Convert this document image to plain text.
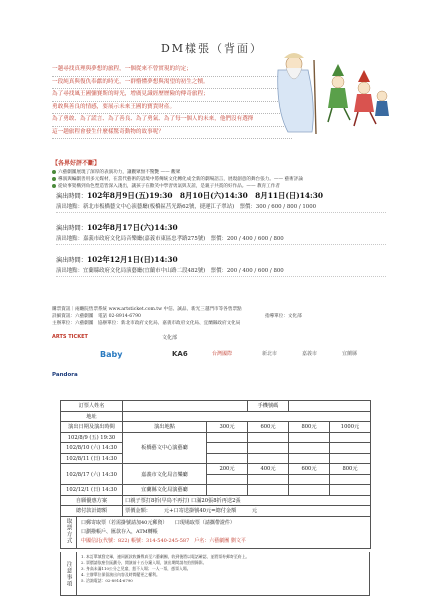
DM樣張（背面）

一趟尋找真理與夢想的旅程，一個從來不曾實現的約定；

一段純真與復仇奉獻的時光，一群懵懂夢想與渴望的初生之犢。

為了尋找風王國彌賽斯的時光，增廣見識經歷歷險的傳奇旅程；

勇敢與善良的情感，要展示未來王國的寶貴財產。

為了勇敢、為了謊言、為了善良、為了勇氣、為了每一個人的未來，他們沒有選擇

這一趟旅程會發生什麼樣驚奇動物的故事呢？

【各界好評不斷】
六藝劇團展現了深厚的表演功力，讓觀眾無不驚艷 —— 觀眾
導演與編劇善用多元媒材，在當代藝術的語境中將傳統文化轉化成全新的劇場語言，展現創意的舞台張力。—— 藝術評論
從故事架構到角色塑造皆深入淺出，讓孩子在歡笑中學習勇氣與友誼，是親子共賞的好作品。—— 教育工作者
演出時間：102年8月9日(五)19:30　8月10日(六)14:30　8月11日(日)14:30
演出地點：新北市板橋藝文中心演藝廳(板橋區莒光路62號，捷運江子翠站)　 票價：300 / 600 / 800 / 1000
演出時間：102年8月17日(六)14:30
演出地點：嘉義市政府文化局音樂廳(嘉義市東區忠孝路275號)　 票價：200 / 400 / 600 / 800
演出時間：102年12月1日(日)14:30
演出地點：宜蘭縣政府文化局演藝廳(宜蘭市中山路二段482號)　 票價：200 / 400 / 600 / 800
購票資訊｜兩廳院售票系統 www.artsticket.com.tw 中信、誠品、新光三越門市等各售票點
詳細資訊：六藝劇團　電話 02-8914-6790　　　　　　　　　　　　　　　　　　　　　　　　　　　指導單位：文化部
主辦單位：六藝劇團　協辦單位：新北市政府文化局、嘉義市政府文化局、宜蘭縣政府文化局
ARTS TICKET	文化部
Baby	台灣國際
Pandora
KA6	新北市	嘉義市	宜蘭縣
訂票人姓名			手機號碼		
地址					
演出日期及演出時間	演出地點	300元	600元	800元	1000元
102/8/9 (五) 19:30	板橋藝文中心演藝廳				
102/8/10 (六) 14:30					
102/8/11 (日) 14:30					
102/8/17 (六) 14:30	嘉義市文化局音樂廳	200元	400元	600元	800元

102/12/1 (日) 14:30	宜蘭縣文化局演藝廳				
自願優惠方案	口親子票打8折(早鳥不再打) 口滿20張8折再送2張				
總付款計總額	票價金額：　　　元+口寄送掛號40元=總付金額　　　元				
取票方式	口郵寄取票（若需掛號請加40元郵資）　　口現場取票（請攜帶證件）
口劃撥帳戶、匯款存入，ATM轉帳
中國信託(代號：822) 帳號：314-540-245-587　戶名：六藝劇團 劉文平
注意事項
1. 本訂單填寫完畢，連同匯款收據傳真至六藝劇團，收到後將以電話確認，並將票券郵寄至府上。
2. 票價請依座位區劃分，開演前十五分鐘入場，演出期間請勿拍照錄影。
3. 身高未滿110公分之兒童，恕不入場；一人一票，憑票入場。
4. 主辦單位保留演出內容及時間變更之權利。
5. 洽詢電話：02-8914-6790
